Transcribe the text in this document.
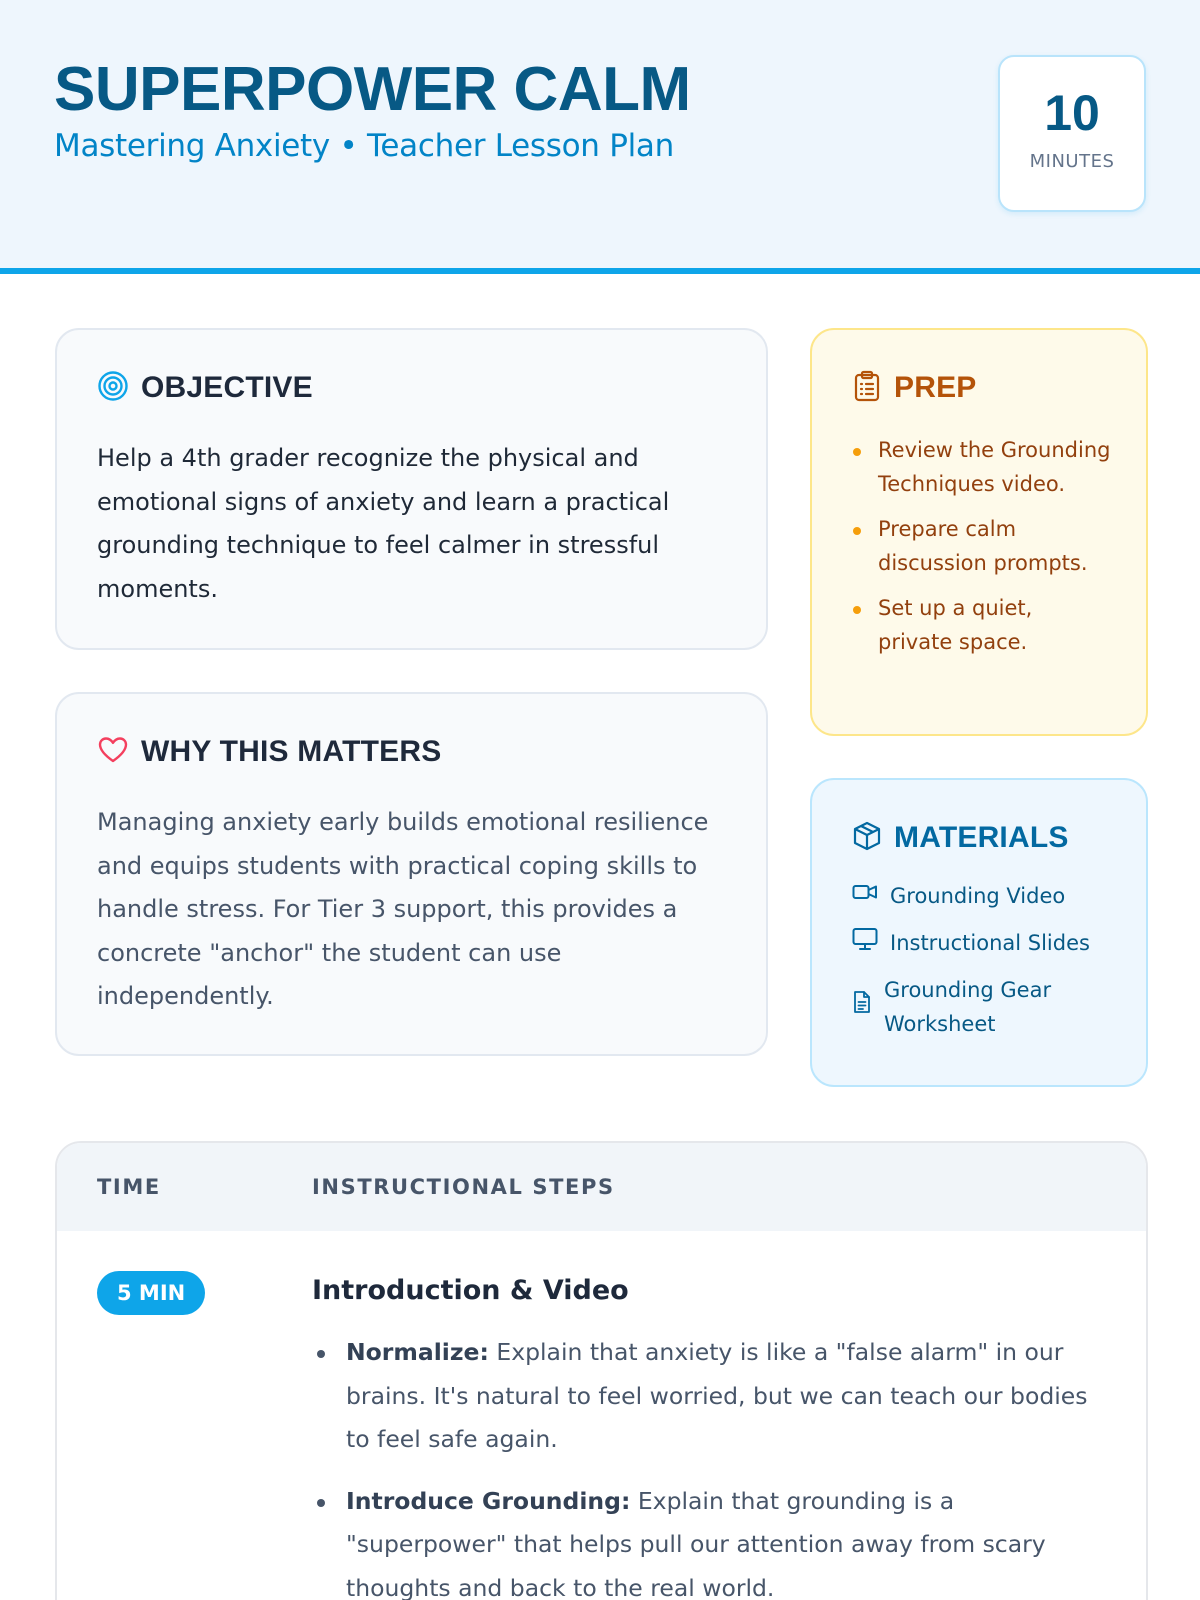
SUPERPOWER CALM
Mastering Anxiety • Teacher Lesson Plan
10
MINUTES
OBJECTIVE

Help a 4th grader recognize the physical and emotional signs of anxiety and learn a practical grounding technique to feel calmer in stressful moments.

WHY THIS MATTERS

Managing anxiety early builds emotional resilience and equips students with practical coping skills to handle stress. For Tier 3 support, this provides a concrete "anchor" the student can use independently.

PREP
Review the Grounding Techniques video.
Prepare calm discussion prompts.
Set up a quiet, private space.
MATERIALS
Grounding Video
Instructional Slides
Grounding Gear Worksheet
TIME	INSTRUCTIONAL STEPS
5 MIN	Introduction & Video
Normalize: Explain that anxiety is like a "false alarm" in our brains. It's natural to feel worried, but we can teach our bodies to feel safe again.
Introduce Grounding: Explain that grounding is a "superpower" that helps pull our attention away from scary thoughts and back to the real world.
